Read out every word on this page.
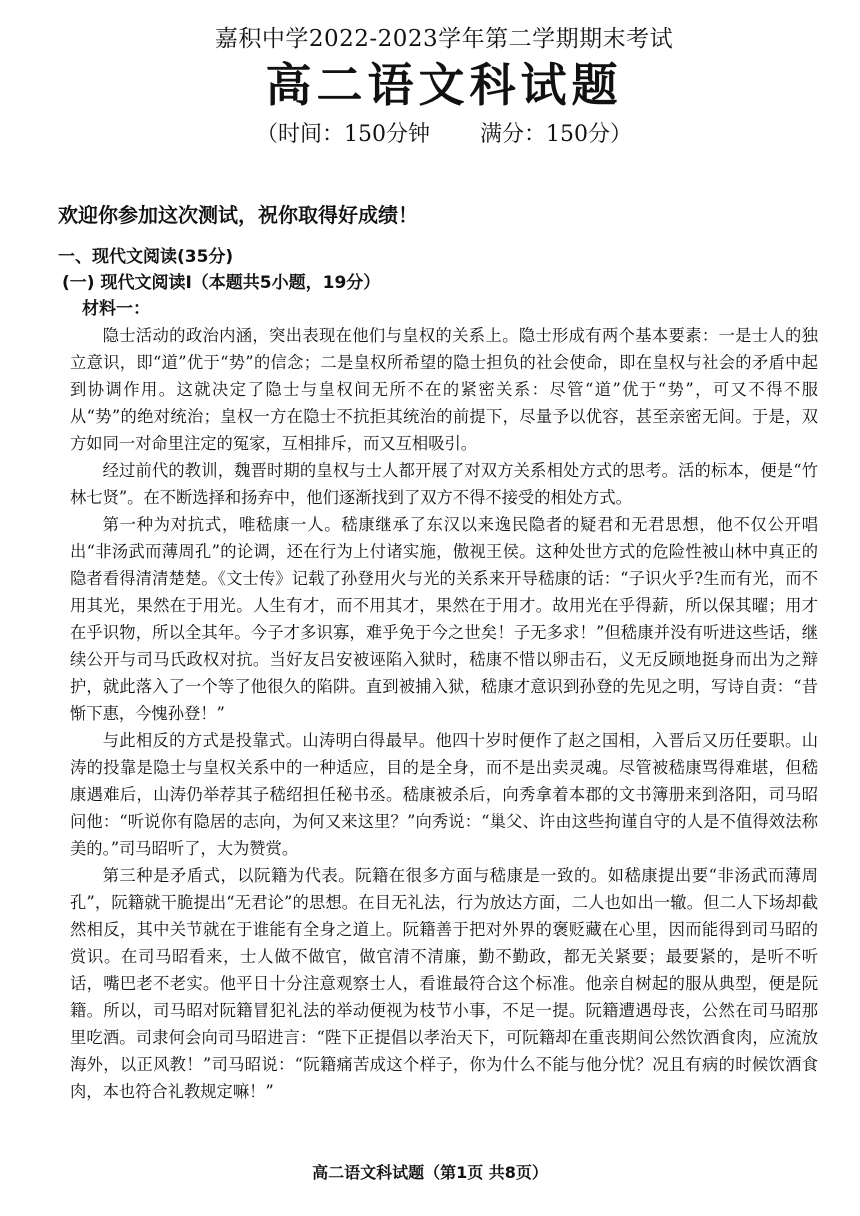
嘉积中学2022-2023学年第二学期期末考试
高二语文科试题
（时间：150分钟 满分：150分）
欢迎你参加这次测试，祝你取得好成绩！
一、现代文阅读(35分)
(一) 现代文阅读Ⅰ（本题共5小题，19分）
材料一：

隐士活动的政治内涵，突出表现在他们与皇权的关系上。隐士形成有两个基本要素：一是士人的独立意识，即“道”优于“势”的信念；二是皇权所希望的隐士担负的社会使命，即在皇权与社会的矛盾中起到协调作用。这就决定了隐士与皇权间无所不在的紧密关系：尽管“道”优于“势”，可又不得不服从“势”的绝对统治；皇权一方在隐士不抗拒其统治的前提下，尽量予以优容，甚至亲密无间。于是，双方如同一对命里注定的冤家，互相排斥，而又互相吸引。

经过前代的教训，魏晋时期的皇权与士人都开展了对双方关系相处方式的思考。活的标本，便是“竹林七贤”。在不断选择和扬弃中，他们逐渐找到了双方不得不接受的相处方式。

第一种为对抗式，唯嵇康一人。嵇康继承了东汉以来逸民隐者的疑君和无君思想，他不仅公开唱出“非汤武而薄周孔”的论调，还在行为上付诸实施，傲视王侯。这种处世方式的危险性被山林中真正的隐者看得清清楚楚。《文士传》记载了孙登用火与光的关系来开导嵇康的话：“子识火乎?生而有光，而不用其光，果然在于用光。人生有才，而不用其才，果然在于用才。故用光在乎得薪，所以保其曜；用才在乎识物，所以全其年。今子才多识寡，难乎免于今之世矣！子无多求！”但嵇康并没有听进这些话，继续公开与司马氏政权对抗。当好友吕安被诬陷入狱时，嵇康不惜以卵击石，义无反顾地挺身而出为之辩护，就此落入了一个等了他很久的陷阱。直到被捕入狱，嵇康才意识到孙登的先见之明，写诗自责：“昔惭下惠，今愧孙登！”

与此相反的方式是投靠式。山涛明白得最早。他四十岁时便作了赵之国相，入晋后又历任要职。山涛的投靠是隐士与皇权关系中的一种适应，目的是全身，而不是出卖灵魂。尽管被嵇康骂得难堪，但嵇康遇难后，山涛仍举荐其子嵇绍担任秘书丞。嵇康被杀后，向秀拿着本郡的文书簿册来到洛阳，司马昭问他：“听说你有隐居的志向，为何又来这里？”向秀说：“巢父、许由这些拘谨自守的人是不值得效法称美的。”司马昭听了，大为赞赏。

第三种是矛盾式，以阮籍为代表。阮籍在很多方面与嵇康是一致的。如嵇康提出要“非汤武而薄周孔”，阮籍就干脆提出“无君论”的思想。在目无礼法，行为放达方面，二人也如出一辙。但二人下场却截然相反，其中关节就在于谁能有全身之道上。阮籍善于把对外界的褒贬藏在心里，因而能得到司马昭的赏识。在司马昭看来，士人做不做官，做官清不清廉，勤不勤政，都无关紧要；最要紧的，是听不听话，嘴巴老不老实。他平日十分注意观察士人，看谁最符合这个标准。他亲自树起的服从典型，便是阮籍。所以，司马昭对阮籍冒犯礼法的举动便视为枝节小事，不足一提。阮籍遭遇母丧，公然在司马昭那里吃酒。司隶何会向司马昭进言：“陛下正提倡以孝治天下，可阮籍却在重丧期间公然饮酒食肉，应流放海外，以正风教！”司马昭说：“阮籍痛苦成这个样子，你为什么不能与他分忧？况且有病的时候饮酒食肉，本也符合礼教规定嘛！”

高二语文科试题（第1页 共8页）
